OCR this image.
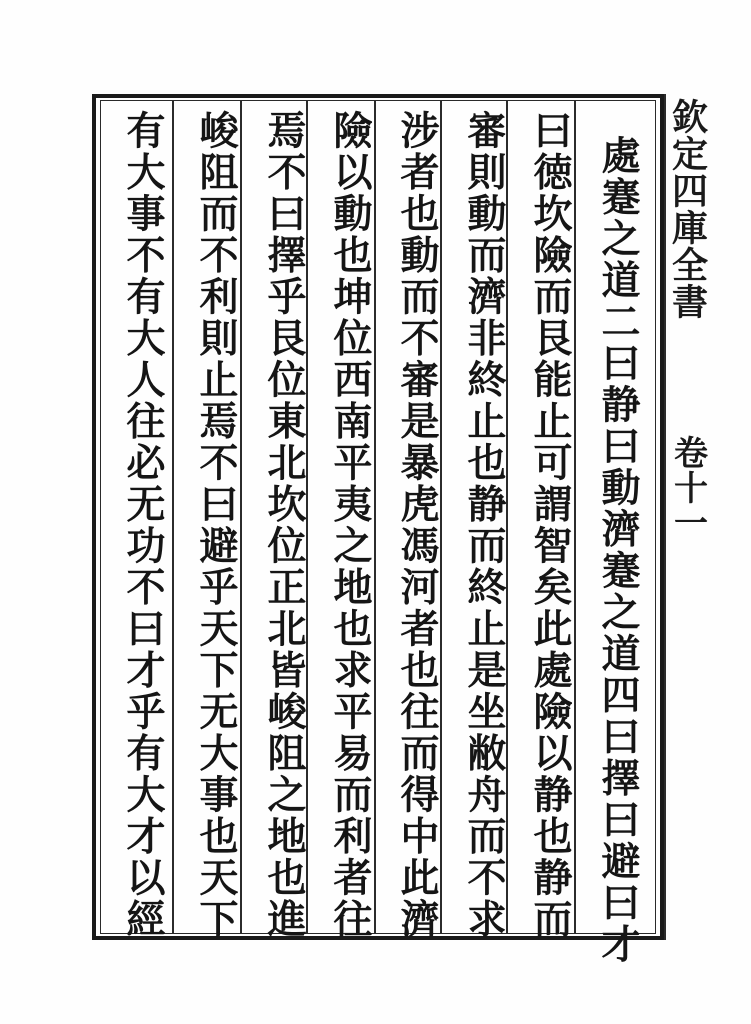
欽定四庫全書
卷十一
處蹇之道二曰静曰動濟蹇之道四曰擇曰避曰才
曰徳坎險而艮能止可謂智矣此處險以静也静而
審則動而濟非終止也静而終止是坐敝舟而不求
涉者也動而不審是暴虎馮河者也往而得中此濟
險以動也坤位西南平夷之地也求平易而利者往
焉不曰擇乎艮位東北坎位正北皆峻阻之地也進
峻阻而不利則止焉不曰避乎天下无大事也天下
有大事不有大人往必无功不曰才乎有大才以經
